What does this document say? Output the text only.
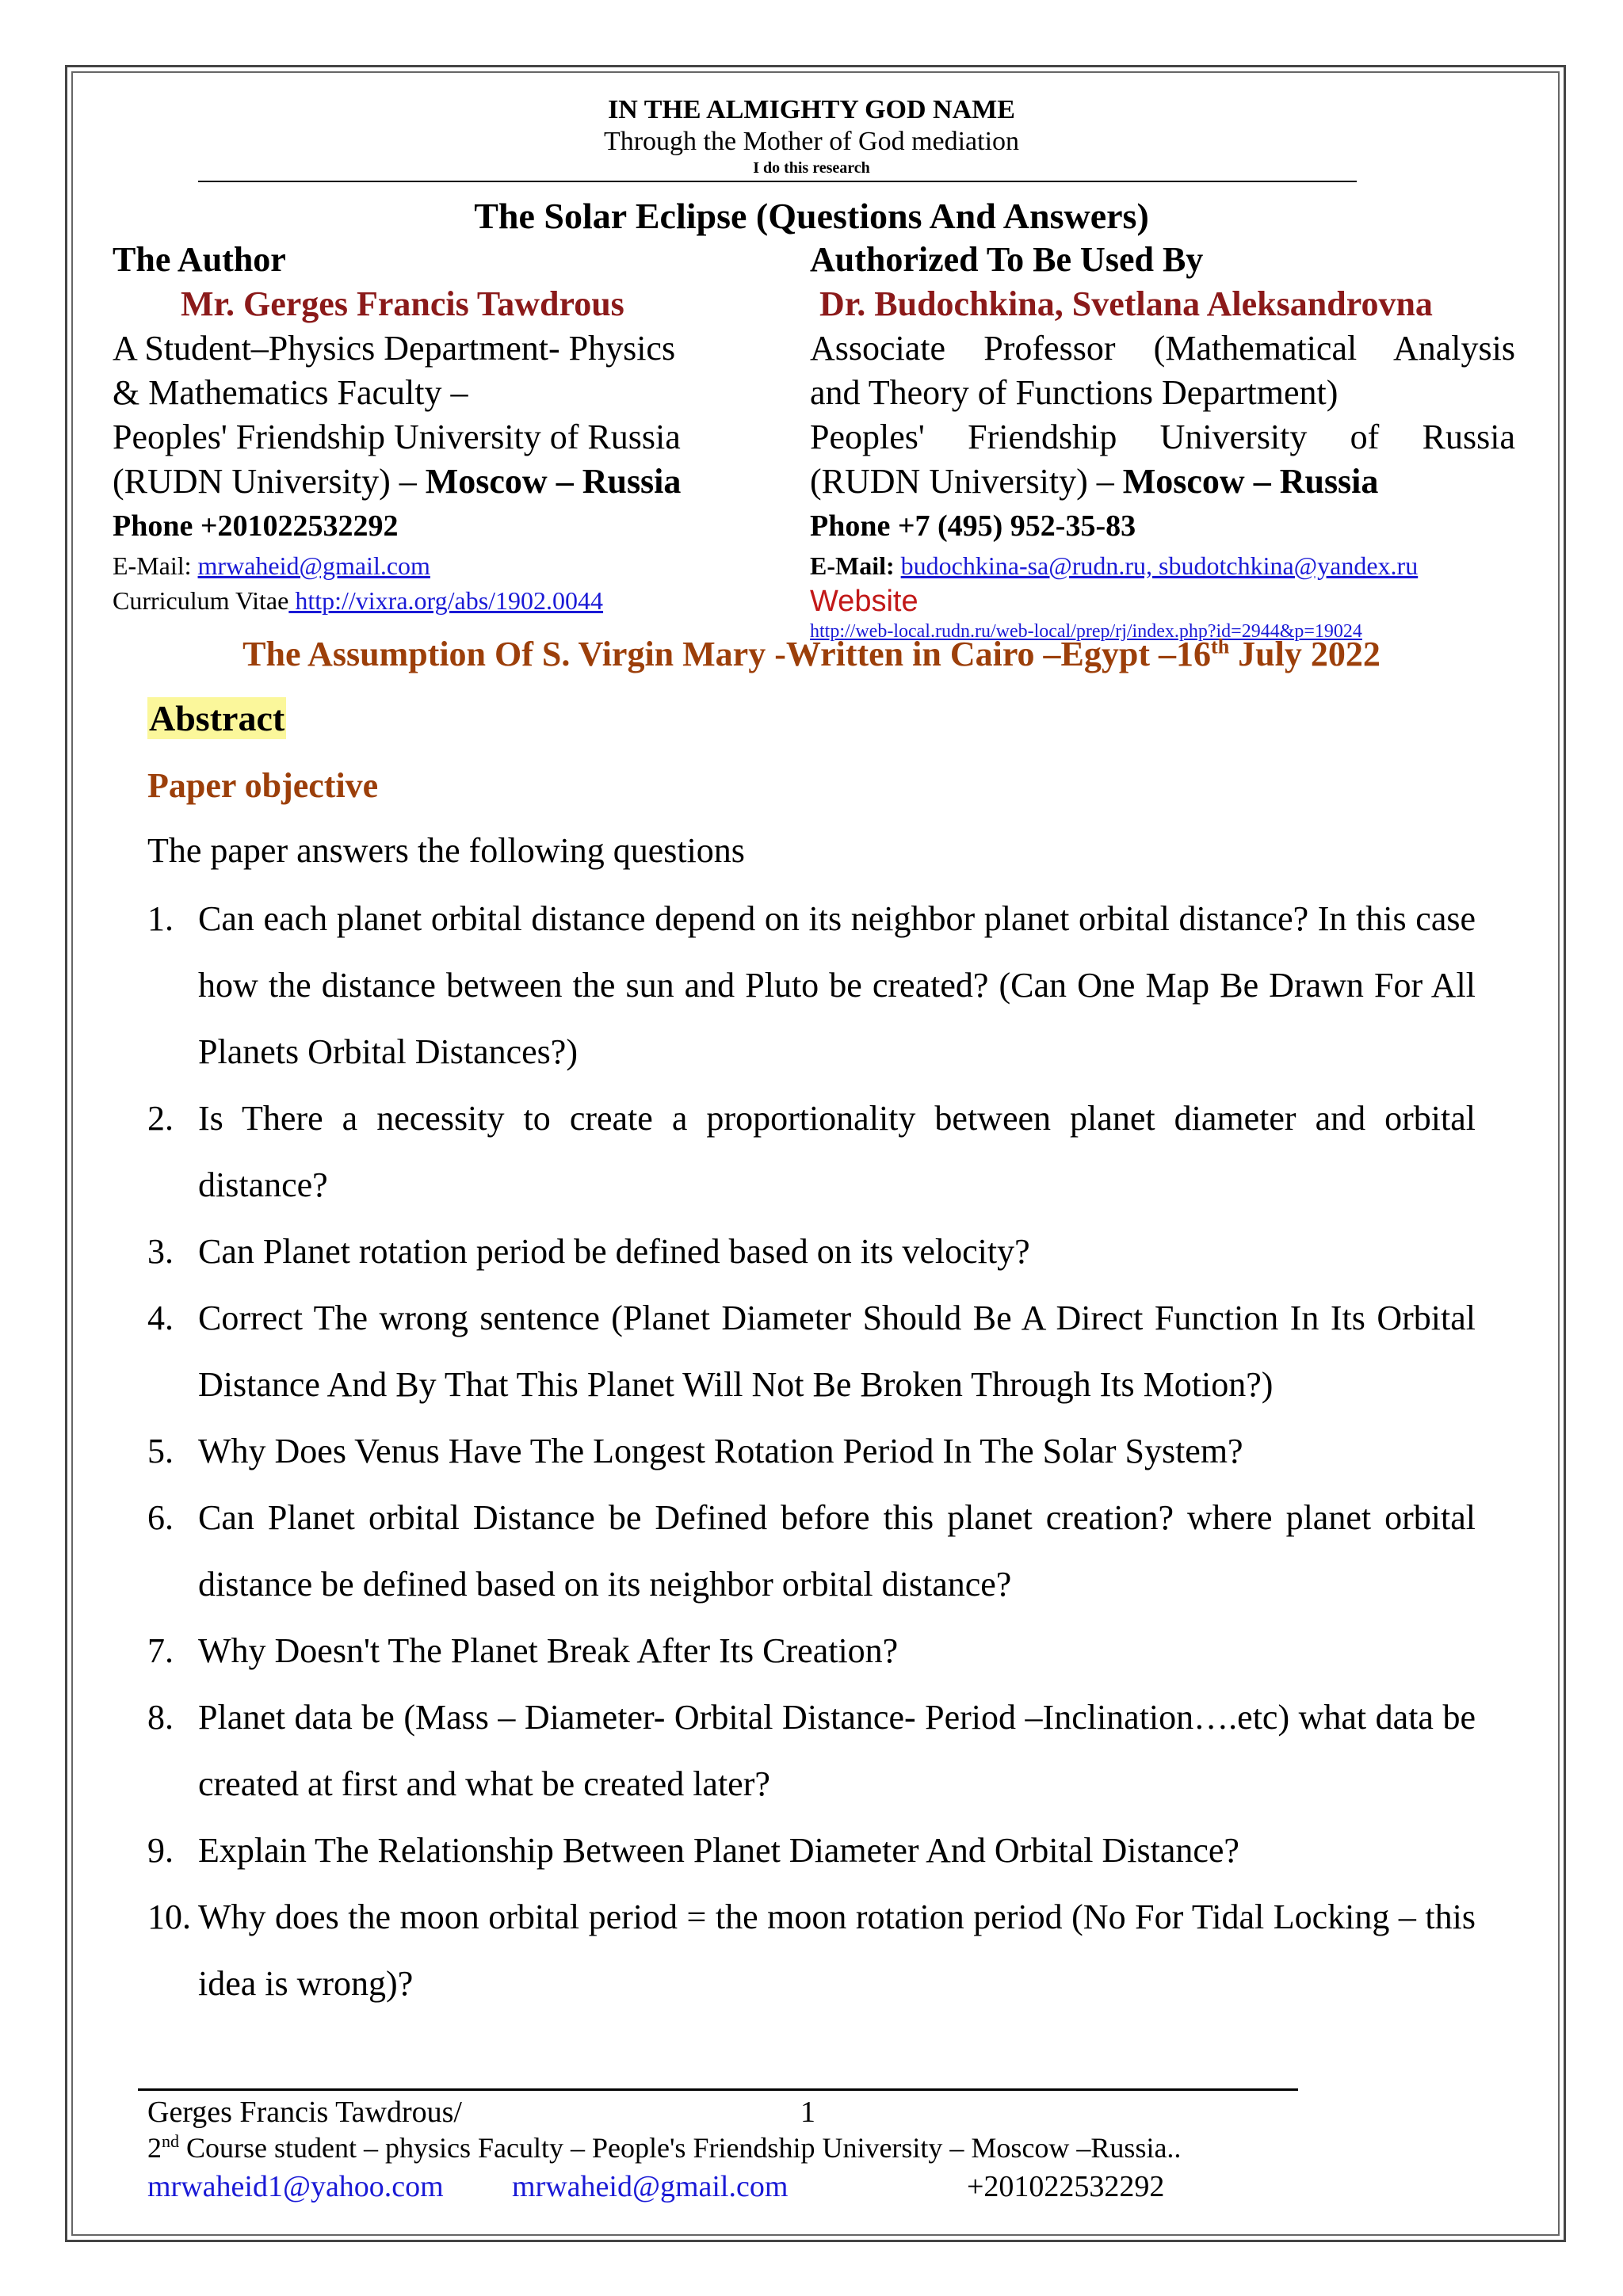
IN THE ALMIGHTY GOD NAME
Through the Mother of God mediation
I do this research
The Solar Eclipse (Questions And Answers)
The Author
Mr. Gerges Francis Tawdrous
A Student–Physics Department- Physics
& Mathematics Faculty –
Peoples' Friendship University of Russia
(RUDN University) – Moscow – Russia
Phone +201022532292
E-Mail: mrwaheid@gmail.com
Curriculum Vitae http://vixra.org/abs/1902.0044
Authorized To Be Used By
Dr. Budochkina, Svetlana Aleksandrovna
Associate Professor (Mathematical Analysis
and Theory of Functions Department)
Peoples' Friendship University of Russia
(RUDN University) – Moscow – Russia
Phone +7 (495) 952-35-83
E-Mail: budochkina-sa@rudn.ru, sbudotchkina@yandex.ru
Website
http://web-local.rudn.ru/web-local/prep/rj/index.php?id=2944&p=19024
The Assumption Of S. Virgin Mary -Written in Cairo –Egypt –16th July 2022
Abstract
Paper objective
The paper answers the following questions
1. Can each planet orbital distance depend on its neighbor planet orbital distance? In this case how the distance between the sun and Pluto be created? (Can One Map Be Drawn For All Planets Orbital Distances?)
2. Is There a necessity to create a proportionality between planet diameter and orbital distance?
3. Can Planet rotation period be defined based on its velocity?
4. Correct The wrong sentence (Planet Diameter Should Be A Direct Function In Its Orbital Distance And By That This Planet Will Not Be Broken Through Its Motion?)
5. Why Does Venus Have The Longest Rotation Period In The Solar System?
6. Can Planet orbital Distance be Defined before this planet creation? where planet orbital distance be defined based on its neighbor orbital distance?
7. Why Doesn't The Planet Break After Its Creation?
8. Planet data be (Mass – Diameter- Orbital Distance- Period –Inclination….etc) what data be created at first and what be created later?
9. Explain The Relationship Between Planet Diameter And Orbital Distance?
10. Why does the moon orbital period = the moon rotation period (No For Tidal Locking – this idea is wrong)?
Gerges Francis Tawdrous/	1
2nd Course student – physics Faculty – People's Friendship University – Moscow –Russia..
mrwaheid1@yahoo.com mrwaheid@gmail.com	+201022532292
